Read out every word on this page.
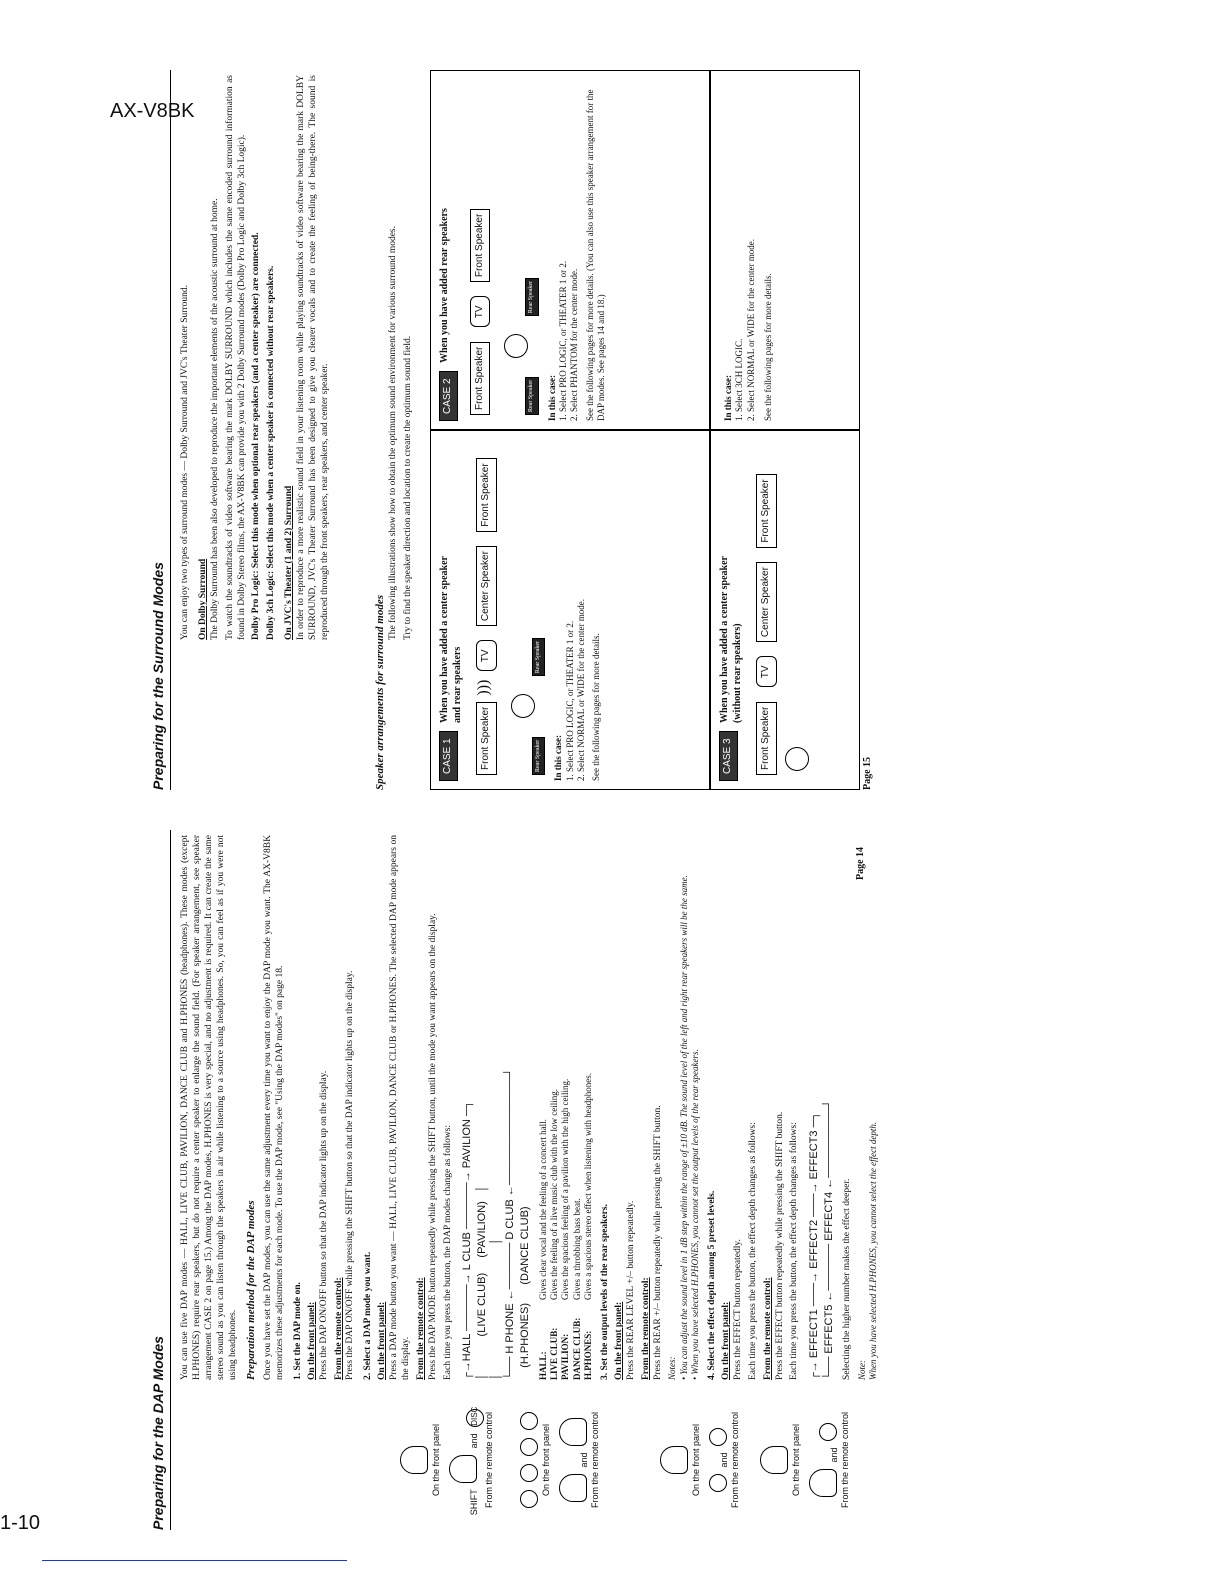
AX-V8BK
Preparing for the DAP Modes

You can use five DAP modes — HALL, LIVE CLUB, PAVILION, DANCE CLUB and H.PHONES (headphones). These modes (except H.PHONES) require rear speakers, but do not require a center speaker to enlarge the sound field. (For speaker arrangement, see speaker arrangement CASE 2 on page 15.) Among the DAP modes, H.PHONES is very special, and no adjustment is required. It can create the same stereo sound as you can listen through the speakers in air while listening to a source using headphones. So, you can feel as if you were not using headphones. Preparation method for the DAP modes Once you have set the DAP modes, you can use the same adjustment every time you want to enjoy the DAP mode you want. The AX-V8BK memorizes these adjustments for each mode. To use the DAP mode, see "Using the DAP modes" on page 18. 1. Set the DAP mode on. On the front panel: Press the DAP ON/OFF button so that the DAP indicator lights up on the display. From the remote control: Press the DAP ON/OFF while pressing the SHIFT button so that the DAP indicator lights up on the display. 2. Select a DAP mode you want. On the front panel: Press a DAP mode button you want — HALL, LIVE CLUB, PAVILION, DANCE CLUB or H.PHONES. The selected DAP mode appears on the display. From the remote control: Press the DAP MODE button repeatedly while pressing the SHIFT button, until the mode you want appears on the display. Each time you press the button, the DAP modes change as follows: ┌→HALL ──────→ L CLUB ──────→ PAVILION ─┐
│            (LIVE CLUB)     (PAVILION)   │
│                                          │
└── H PHONE ←────── D CLUB ←──────────────┘
(H.PHONES)      (DANCE CLUB)
HALL:
Gives clear vocal and the feeling of a concert hall.
LIVE CLUB:
Gives the feeling of a live music club with the low ceiling.
PAVILION:
Gives the spacious feeling of a pavilion with the high ceiling.
DANCE CLUB:
Gives a throbbing bass beat.
H.PHONES:
Gives a spacious stereo effect when listening with headphones. 3. Set the output levels of the rear speakers. On the front panel: Press the REAR LEVEL +/– button repeatedly. From the remote control: Press the REAR +/– button repeatedly while pressing the SHIFT button. Notes: • You can adjust the sound level in 1 dB step within the range of ±10 dB. The sound level of the left and right rear speakers will be the same. • When you have selected H.PHONES, you cannot set the output levels of the rear speakers. 4. Select the effect depth among 5 preset levels. On the front panel: Press the EFFECT button repeatedly. Each time you press the button, the effect depth changes as follows: From the remote control: Press the EFFECT button repeatedly while pressing the SHIFT button. Each time you press the button, the effect depth changes as follows: ┌→ EFFECT1 ───→ EFFECT2 ───→ EFFECT3 ─┐
└── EFFECT5 ←────── EFFECT4 ←─────────┘

Selecting the higher number makes the effect deeper. Note: When you have selected H.PHONES, you cannot select the effect depth.
On the front panel
SHIFT  and DISC From the remote control	On the front panel	and From the remote control	On the front panel	and From the remote control	On the front panel	and From the remote control
Page 14
Preparing for the Surround Modes

You can enjoy two types of surround modes — Dolby Surround and JVC's Theater Surround. On Dolby Surround The Dolby Surround has been also developed to reproduce the important elements of the acoustic surround at home. To watch the soundtracks of video software bearing the mark DOLBY SURROUND which includes the same encoded surround information as found in Dolby Stereo films, the AX-V8BK can provide you with 2 Dolby Surround modes (Dolby Pro Logic and Dolby 3ch Logic). Dolby Pro Logic: Select this mode when optional rear speakers (and a center speaker) are connected. Dolby 3ch Logic: Select this mode when a center speaker is connected without rear speakers. On JVC's Theater (1 and 2) Surround In order to reproduce a more realistic sound field in your listening room while playing soundtracks of video software bearing the mark DOLBY SURROUND, JVC's Theater Surround has been designed to give you clearer vocals and to create the feeling of being-there. The sound is reproduced through the front speakers, rear speakers, and center speaker.

Speaker arrangements for surround modes

The following illustrations show how to obtain the optimum sound environment for various surround modes. Try to find the speaker direction and location to create the optimum sound field.

CASE 1 When you have added a center speaker and rear speakers
Front Speaker))) TV Center Speaker Front Speaker
Rear Speaker  Rear Speaker
In this case: 1. Select PRO LOGIC, or THEATER 1 or 2. 2. Select NORMAL or WIDE for the center mode. See the following pages for more details.
CASE 2 When you have added rear speakers
Front Speaker TV Front Speaker
Rear Speaker  Rear Speaker
In this case: 1. Select PRO LOGIC, or THEATER 1 or 2. 2. Select PHANTOM for the center mode. See the following pages for more details. (You can also use this speaker arrangement for the DAP modes. See pages 14 and 18.)
CASE 3 When you have added a center speaker (without rear speakers)
Front Speaker TV Center Speaker Front Speaker
In this case: 1. Select 3CH LOGIC. 2. Select NORMAL or WIDE for the center mode. See the following pages for more details.
Page 15
1-10
